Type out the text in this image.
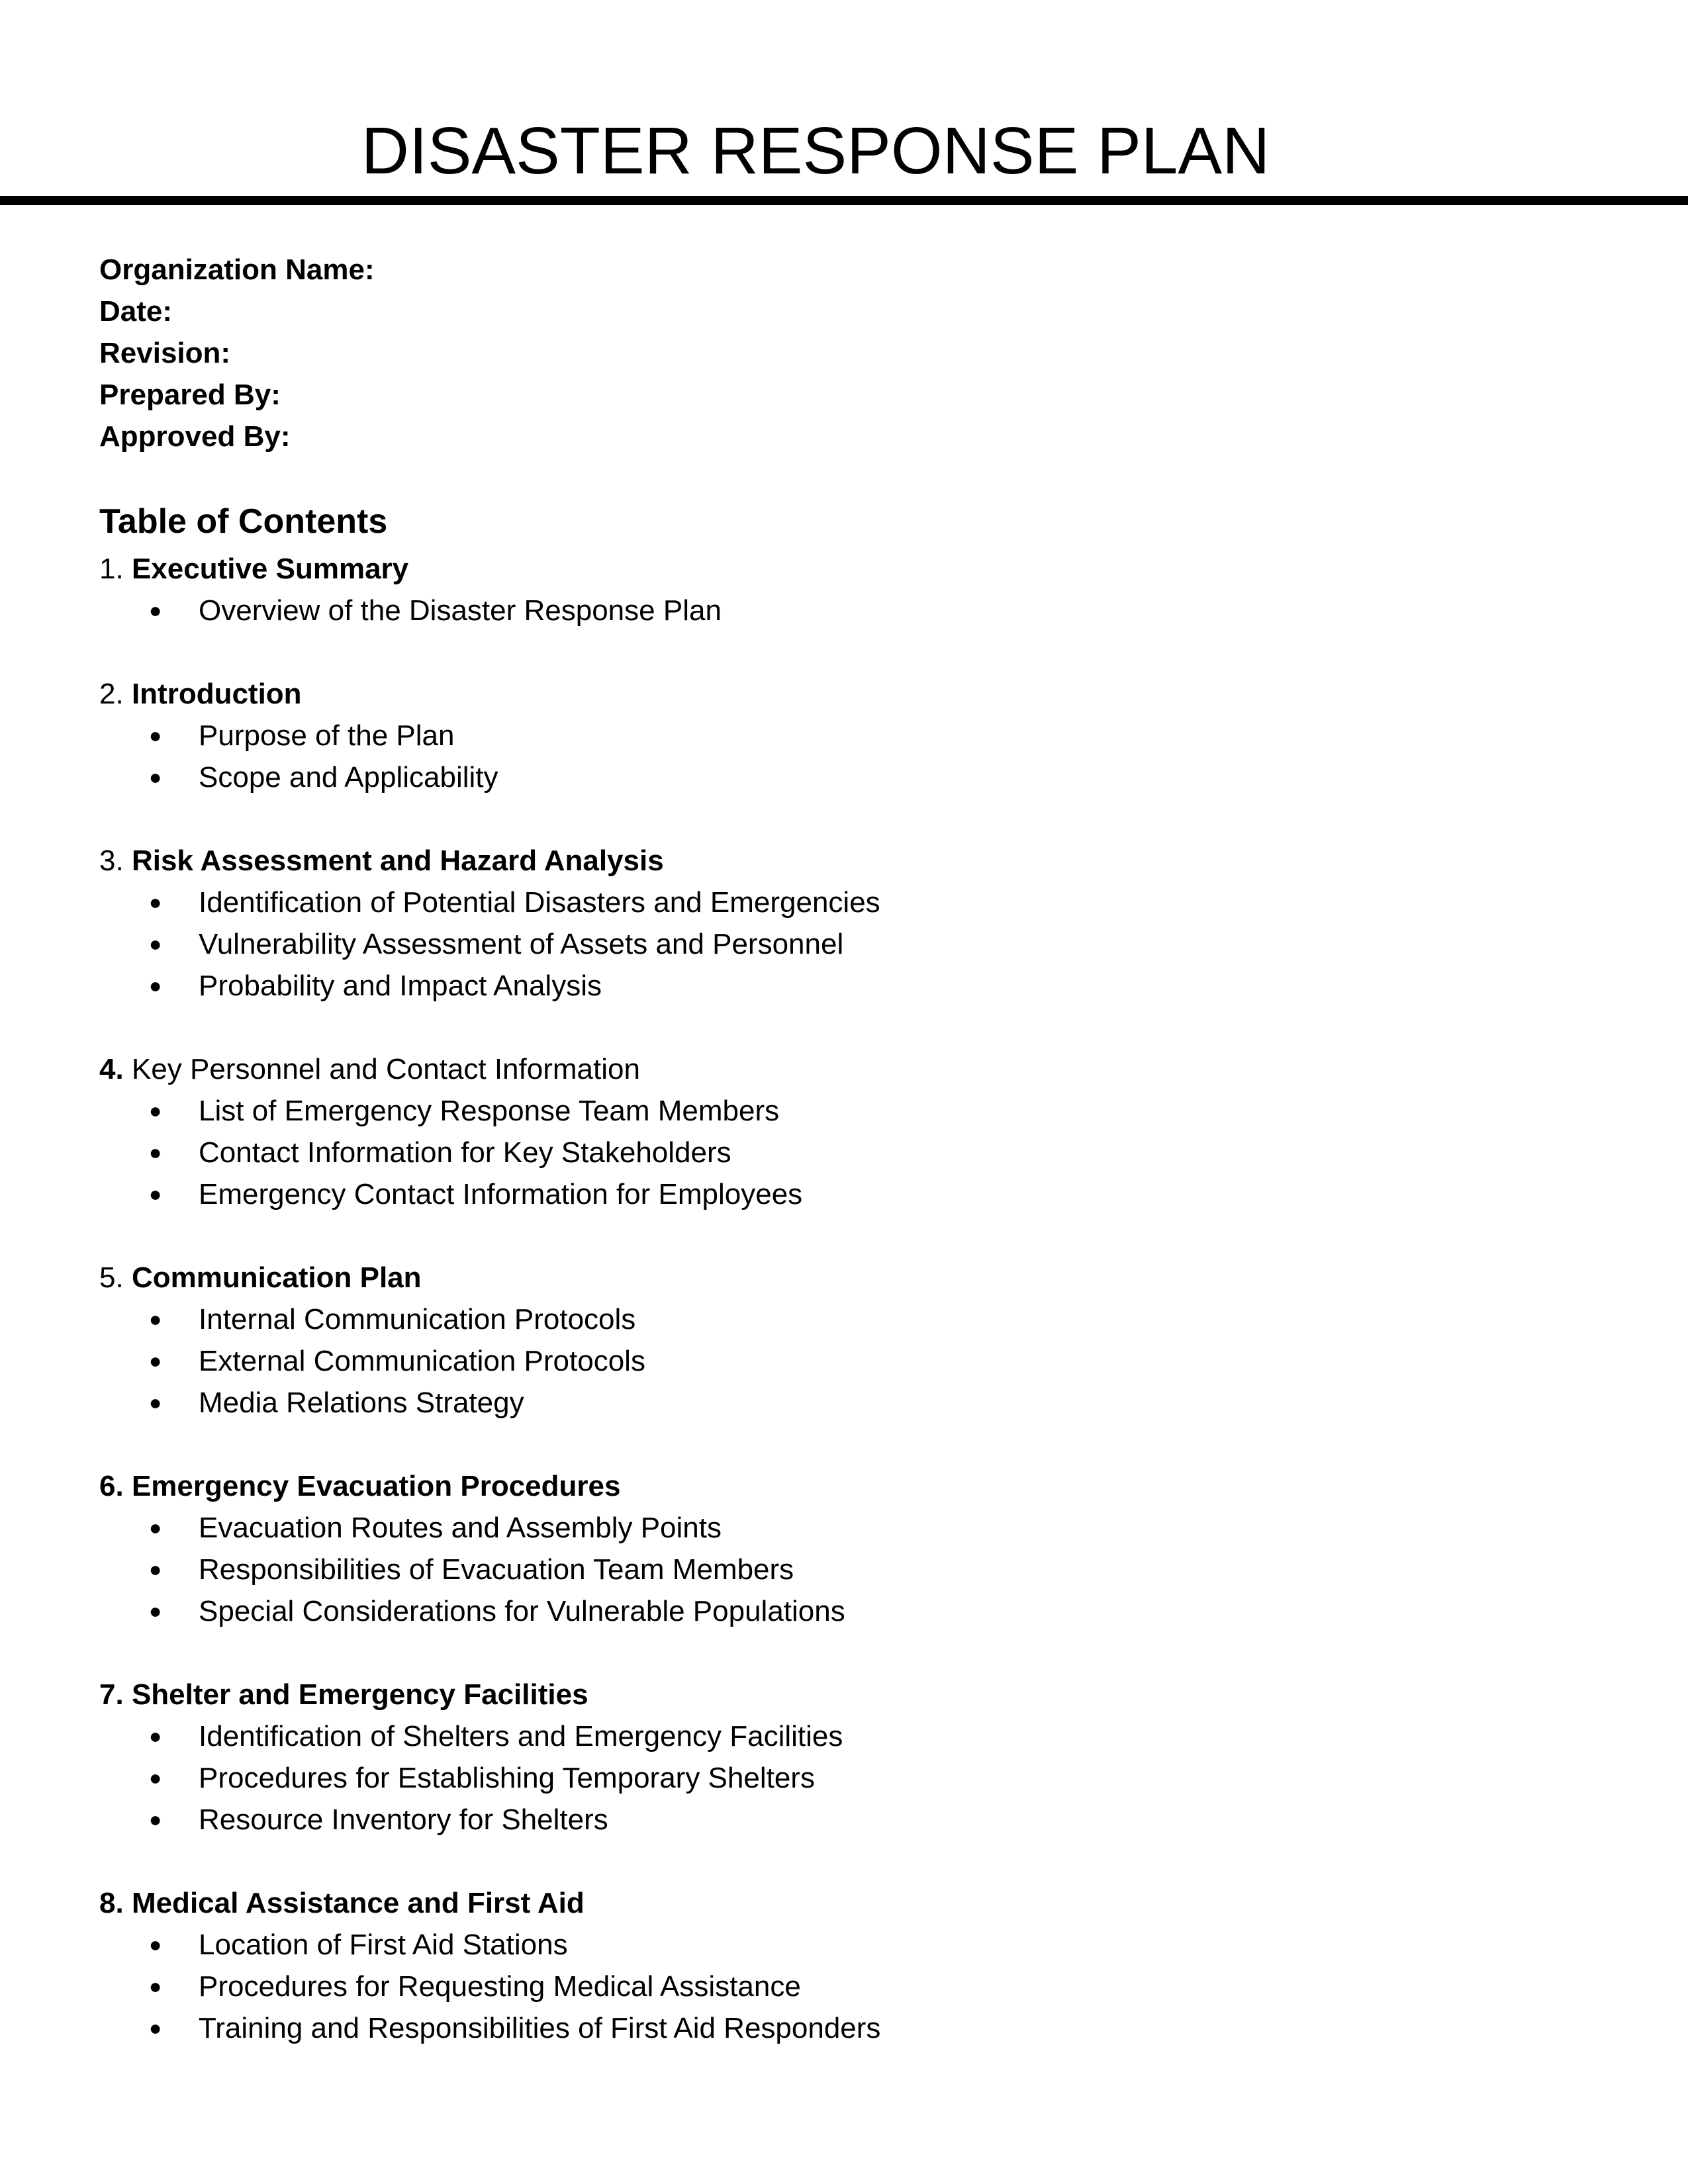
DISASTER RESPONSE PLAN
Organization Name:
Date:
Revision:
Prepared By:
Approved By:
Table of Contents
1. Executive Summary
● Overview of the Disaster Response Plan
2. Introduction
● Purpose of the Plan
● Scope and Applicability
3. Risk Assessment and Hazard Analysis
● Identification of Potential Disasters and Emergencies
● Vulnerability Assessment of Assets and Personnel
● Probability and Impact Analysis
4. Key Personnel and Contact Information
● List of Emergency Response Team Members
● Contact Information for Key Stakeholders
● Emergency Contact Information for Employees
5. Communication Plan
● Internal Communication Protocols
● External Communication Protocols
● Media Relations Strategy
6. Emergency Evacuation Procedures
● Evacuation Routes and Assembly Points
● Responsibilities of Evacuation Team Members
● Special Considerations for Vulnerable Populations
7. Shelter and Emergency Facilities
● Identification of Shelters and Emergency Facilities
● Procedures for Establishing Temporary Shelters
● Resource Inventory for Shelters
8. Medical Assistance and First Aid
● Location of First Aid Stations
● Procedures for Requesting Medical Assistance
● Training and Responsibilities of First Aid Responders
